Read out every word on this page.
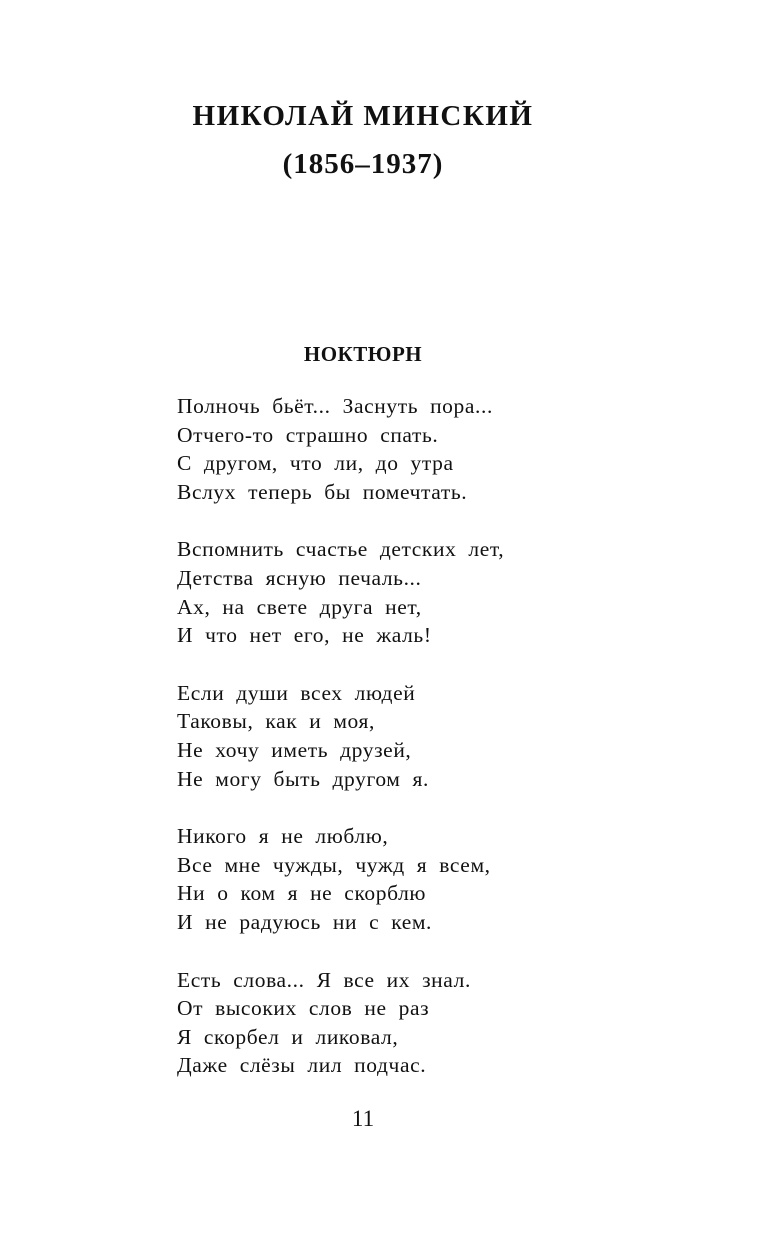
НИКОЛАЙ МИНСКИЙ
(1856–1937)
НОКТЮРН
Полночь бьёт... Заснуть пора...
Отчего-то страшно спать.
С другом, что ли, до утра
Вслух теперь бы помечтать.
Вспомнить счастье детских лет,
Детства ясную печаль...
Ах, на свете друга нет,
И что нет его, не жаль!
Если души всех людей
Таковы, как и моя,
Не хочу иметь друзей,
Не могу быть другом я.
Никого я не люблю,
Все мне чужды, чужд я всем,
Ни о ком я не скорблю
И не радуюсь ни с кем.
Есть слова... Я все их знал.
От высоких слов не раз
Я скорбел и ликовал,
Даже слёзы лил подчас.
11
